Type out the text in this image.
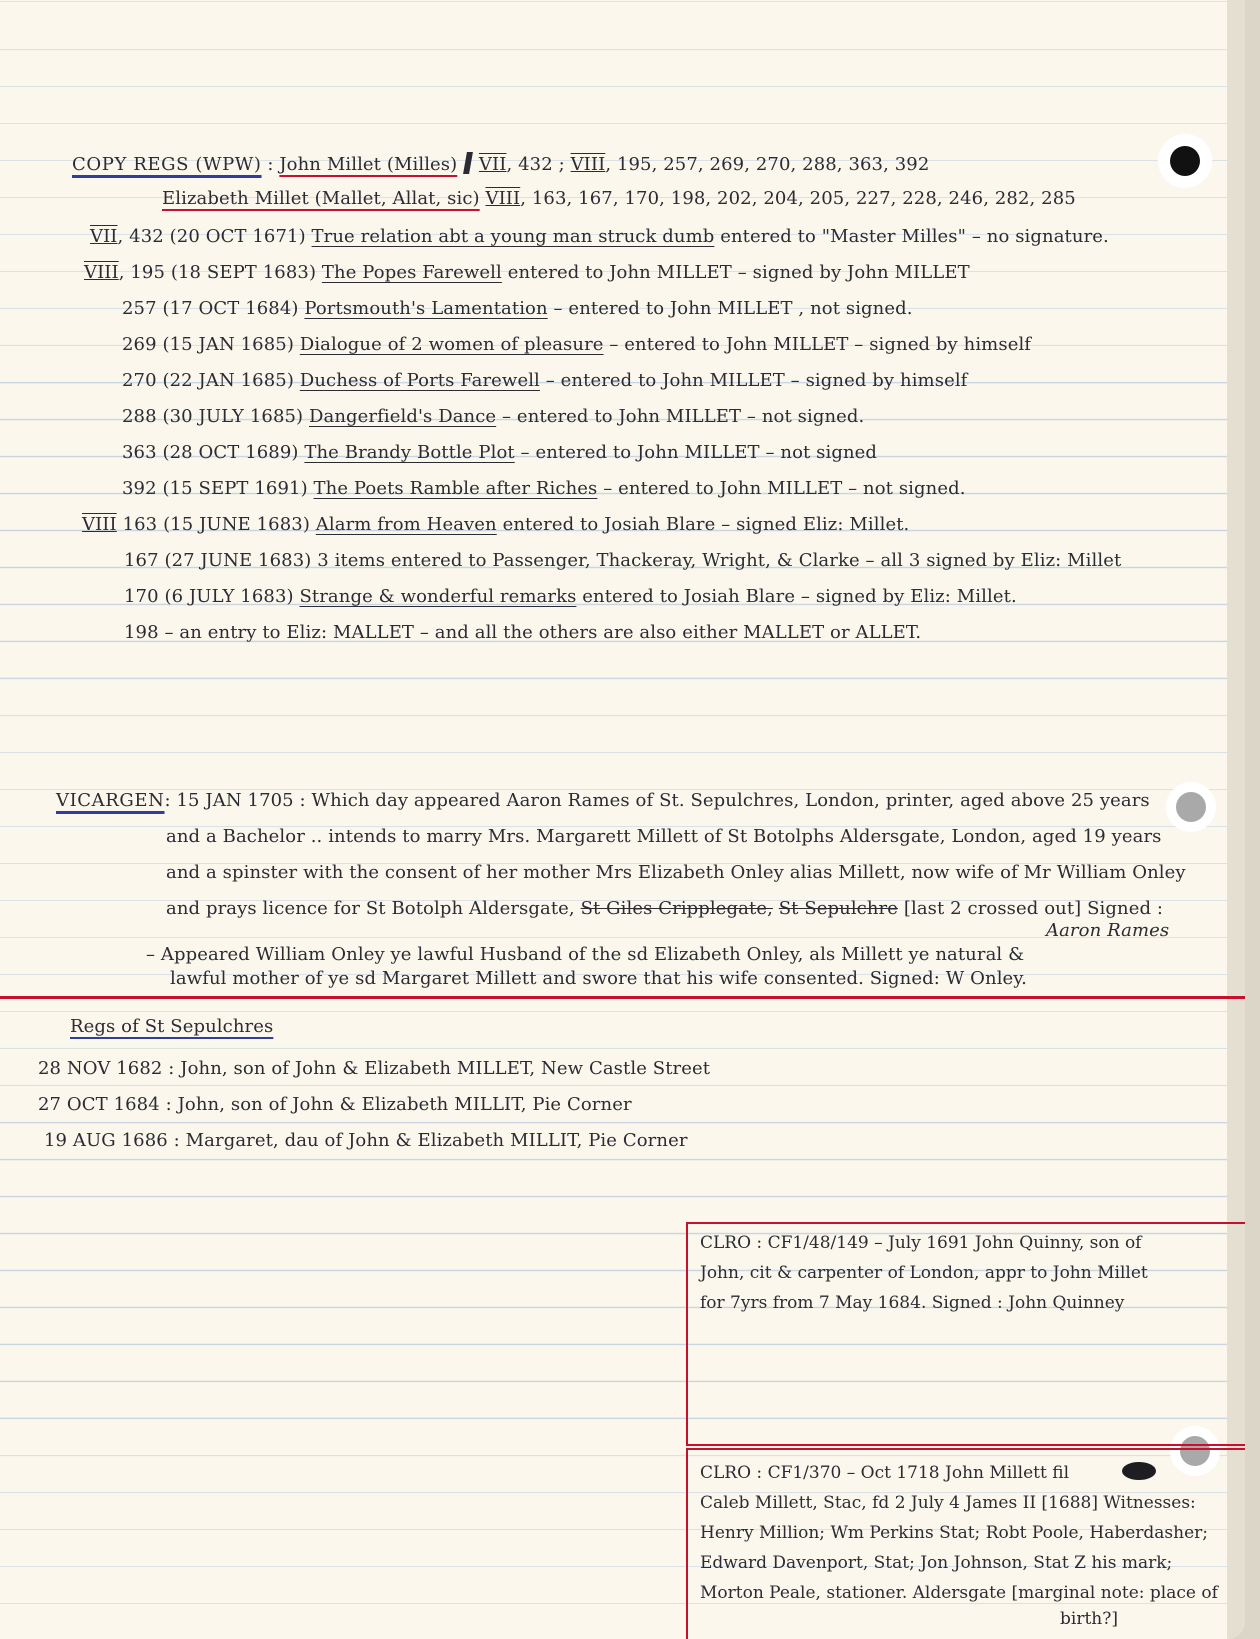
COPY REGS (WPW) : John Millet (Milles) VII, 432 ; VIII, 195, 257, 269, 270, 288, 363, 392
Elizabeth Millet (Mallet, Allat, sic) VIII, 163, 167, 170, 198, 202, 204, 205, 227, 228, 246, 282, 285
VII, 432 (20 OCT 1671) True relation abt a young man struck dumb entered to "Master Milles" – no signature.
VIII, 195 (18 SEPT 1683) The Popes Farewell entered to John MILLET – signed by John MILLET
257 (17 OCT 1684) Portsmouth's Lamentation – entered to John MILLET , not signed.
269 (15 JAN 1685) Dialogue of 2 women of pleasure – entered to John MILLET – signed by himself
270 (22 JAN 1685) Duchess of Ports Farewell – entered to John MILLET – signed by himself
288 (30 JULY 1685) Dangerfield's Dance – entered to John MILLET – not signed.
363 (28 OCT 1689) The Brandy Bottle Plot – entered to John MILLET – not signed
392 (15 SEPT 1691) The Poets Ramble after Riches – entered to John MILLET – not signed.
VIII 163 (15 JUNE 1683) Alarm from Heaven entered to Josiah Blare – signed Eliz: Millet.
167 (27 JUNE 1683) 3 items entered to Passenger, Thackeray, Wright, & Clarke – all 3 signed by Eliz: Millet
170 (6 JULY 1683) Strange & wonderful remarks entered to Josiah Blare – signed by Eliz: Millet.
198 – an entry to Eliz: MALLET – and all the others are also either MALLET or ALLET.
VICARGEN: 15 JAN 1705 : Which day appeared Aaron Rames of St. Sepulchres, London, printer, aged above 25 years
and a Bachelor .. intends to marry Mrs. Margarett Millett of St Botolphs Aldersgate, London, aged 19 years
and a spinster with the consent of her mother Mrs Elizabeth Onley alias Millett, now wife of Mr William Onley
and prays licence for St Botolph Aldersgate, St Giles Cripplegate, St Sepulchre [last 2 crossed out] Signed :
Aaron Rames
– Appeared William Onley ye lawful Husband of the sd Elizabeth Onley, als Millett ye natural &
lawful mother of ye sd Margaret Millett and swore that his wife consented. Signed: W Onley.
Regs of St Sepulchres
28 NOV 1682 : John, son of John & Elizabeth MILLET, New Castle Street
27 OCT 1684 : John, son of John & Elizabeth MILLIT, Pie Corner
19 AUG 1686 : Margaret, dau of John & Elizabeth MILLIT, Pie Corner
CLRO : CF1/48/149 – July 1691 John Quinny, son of
John, cit & carpenter of London, appr to John Millet
for 7yrs from 7 May 1684. Signed : John Quinney
CLRO : CF1/370 – Oct 1718 John Millett fil
Caleb Millett, Stac, fd 2 July 4 James II [1688] Witnesses:
Henry Million; Wm Perkins Stat; Robt Poole, Haberdasher;
Edward Davenport, Stat; Jon Johnson, Stat Z his mark;
Morton Peale, stationer. Aldersgate [marginal note: place of
birth?]
